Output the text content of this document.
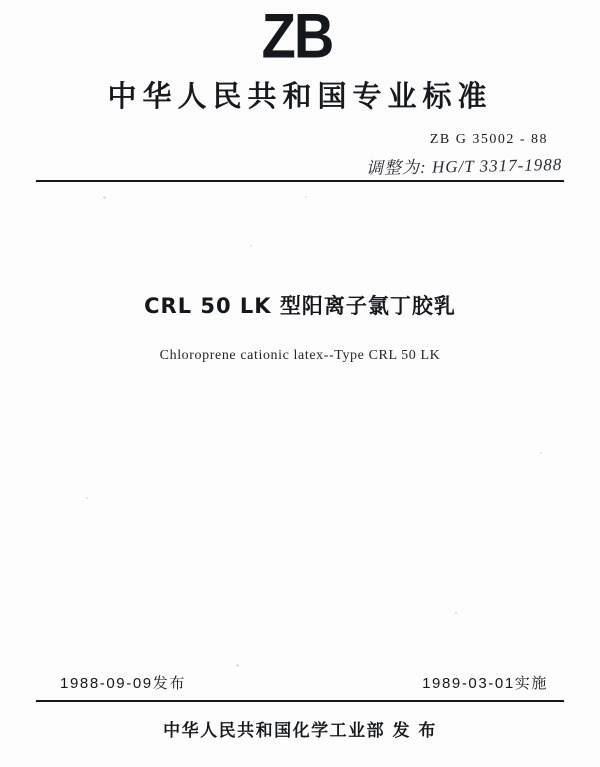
ZB
中华人民共和国专业标准
ZB G 35002 - 88
调整为: HG/T 3317-1988
CRL 50 LK 型阳离子氯丁胶乳
Chloroprene cationic latex--Type CRL 50 LK
1988-09-09发布	1989-03-01实施
中华人民共和国化学工业部 发 布
